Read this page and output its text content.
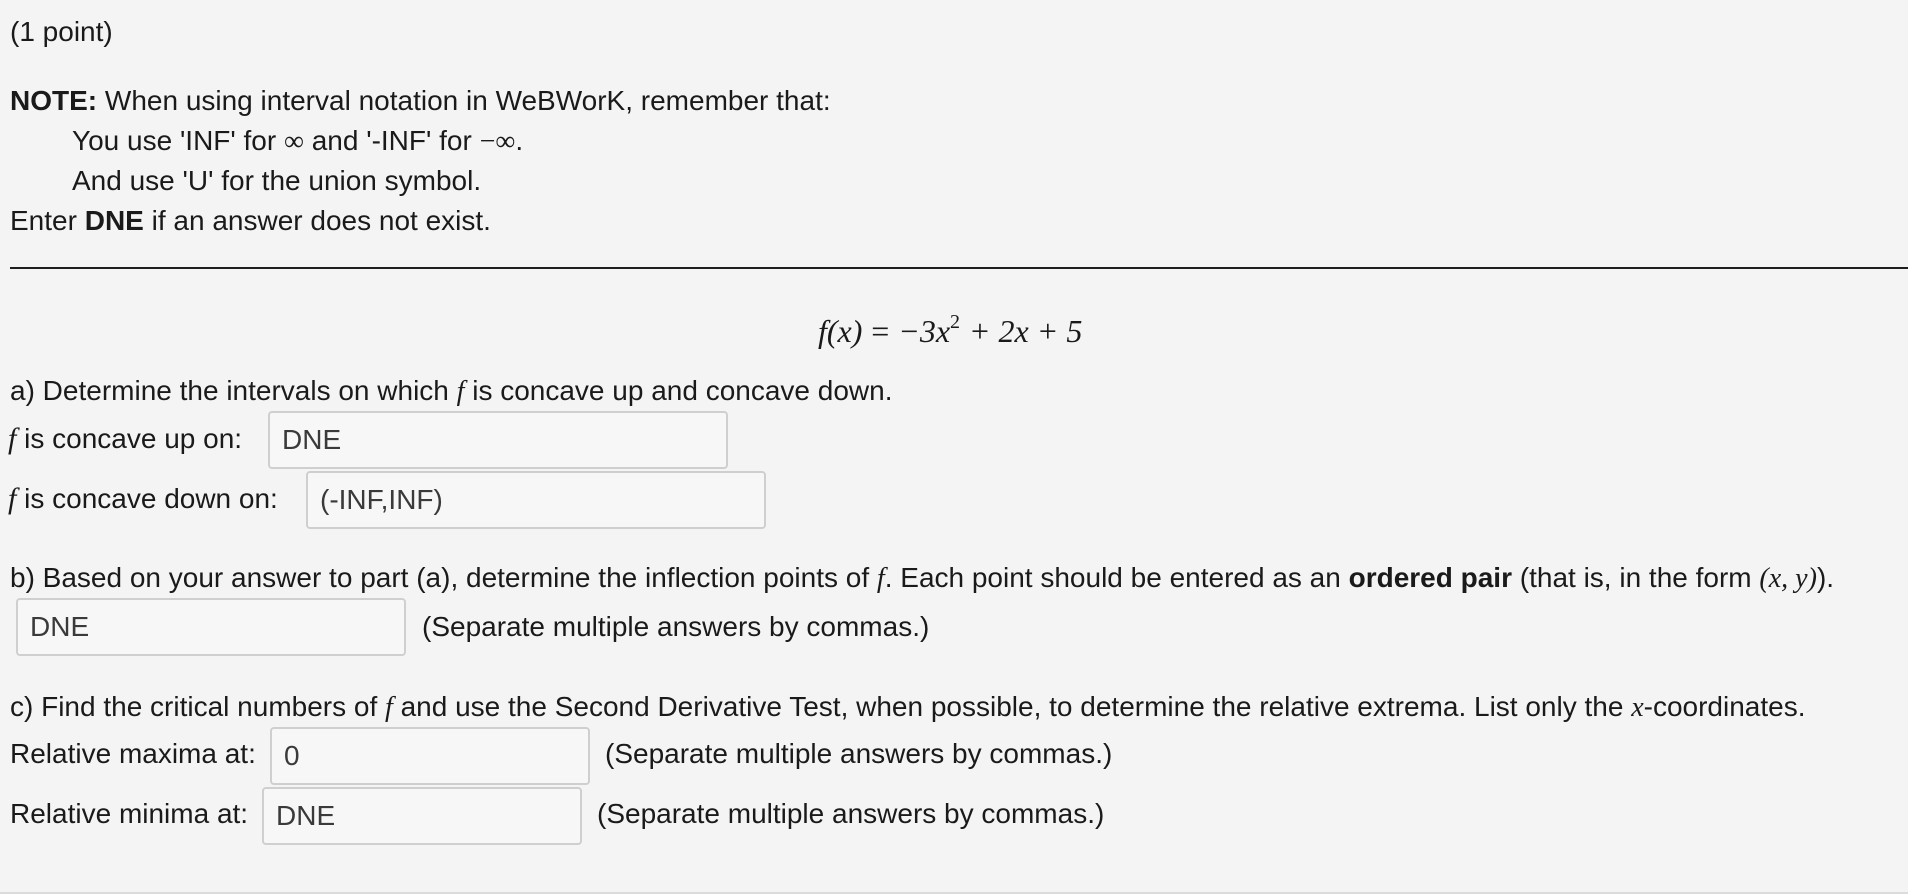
(1 point)
NOTE: When using interval notation in WeBWorK, remember that:
You use 'INF' for ∞ and '-INF' for −∞.
And use 'U' for the union symbol.
Enter DNE if an answer does not exist.
$f(x) = -3x^2 + 2x + 5$
a) Determine the intervals on which f is concave up and concave down.
f is concave up on:
DNE
f is concave down on:
(-INF,INF)
b) Based on your answer to part (a), determine the inflection points of f. Each point should be entered as an ordered pair (that is, in the form (x, y)).
DNE
(Separate multiple answers by commas.)
c) Find the critical numbers of f and use the Second Derivative Test, when possible, to determine the relative extrema. List only the x-coordinates.
Relative maxima at:
0	(Separate multiple answers by commas.)
Relative minima at:
DNE	(Separate multiple answers by commas.)
